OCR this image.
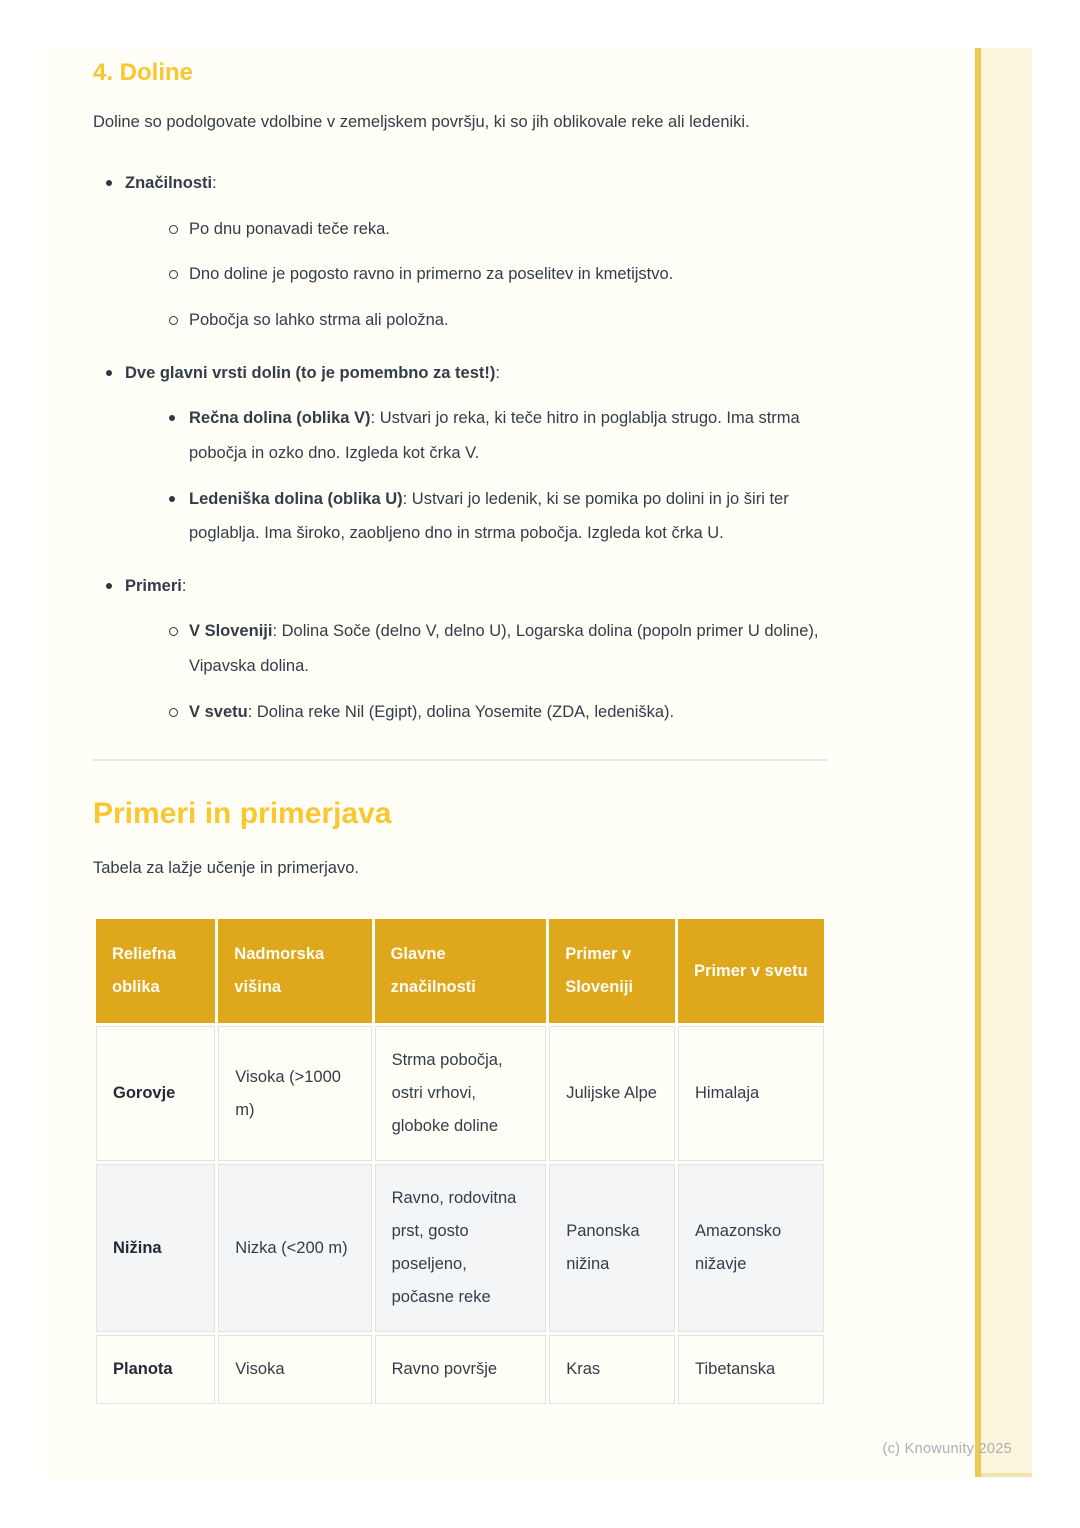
4. Doline

Doline so podolgovate vdolbine v zemeljskem površju, ki so jih oblikovale reke ali ledeniki.

Značilnosti:
Po dnu ponavadi teče reka.
Dno doline je pogosto ravno in primerno za poselitev in kmetijstvo.
Pobočja so lahko strma ali položna.
Dve glavni vrsti dolin (to je pomembno za test!):
Rečna dolina (oblika V): Ustvari jo reka, ki teče hitro in poglablja strugo. Ima strma pobočja in ozko dno. Izgleda kot črka V.
Ledeniška dolina (oblika U): Ustvari jo ledenik, ki se pomika po dolini in jo širi ter poglablja. Ima široko, zaobljeno dno in strma pobočja. Izgleda kot črka U.
Primeri:
V Sloveniji: Dolina Soče (delno V, delno U), Logarska dolina (popoln primer U doline), Vipavska dolina.
V svetu: Dolina reke Nil (Egipt), dolina Yosemite (ZDA, ledeniška).
Primeri in primerjava

Tabela za lažje učenje in primerjavo.

Reliefna oblika	Nadmorska višina	Glavne značilnosti	Primer v Sloveniji	Primer v svetu
Gorovje	Visoka (>1000 m)	Strma pobočja, ostri vrhovi, globoke doline	Julijske Alpe	Himalaja
Nižina	Nizka (<200 m)	Ravno, rodovitna prst, gosto poseljeno, počasne reke	Panonska nižina	Amazonsko nižavje
Planota	Visoka	Ravno površje	Kras	Tibetanska
(c) Knowunity 2025
